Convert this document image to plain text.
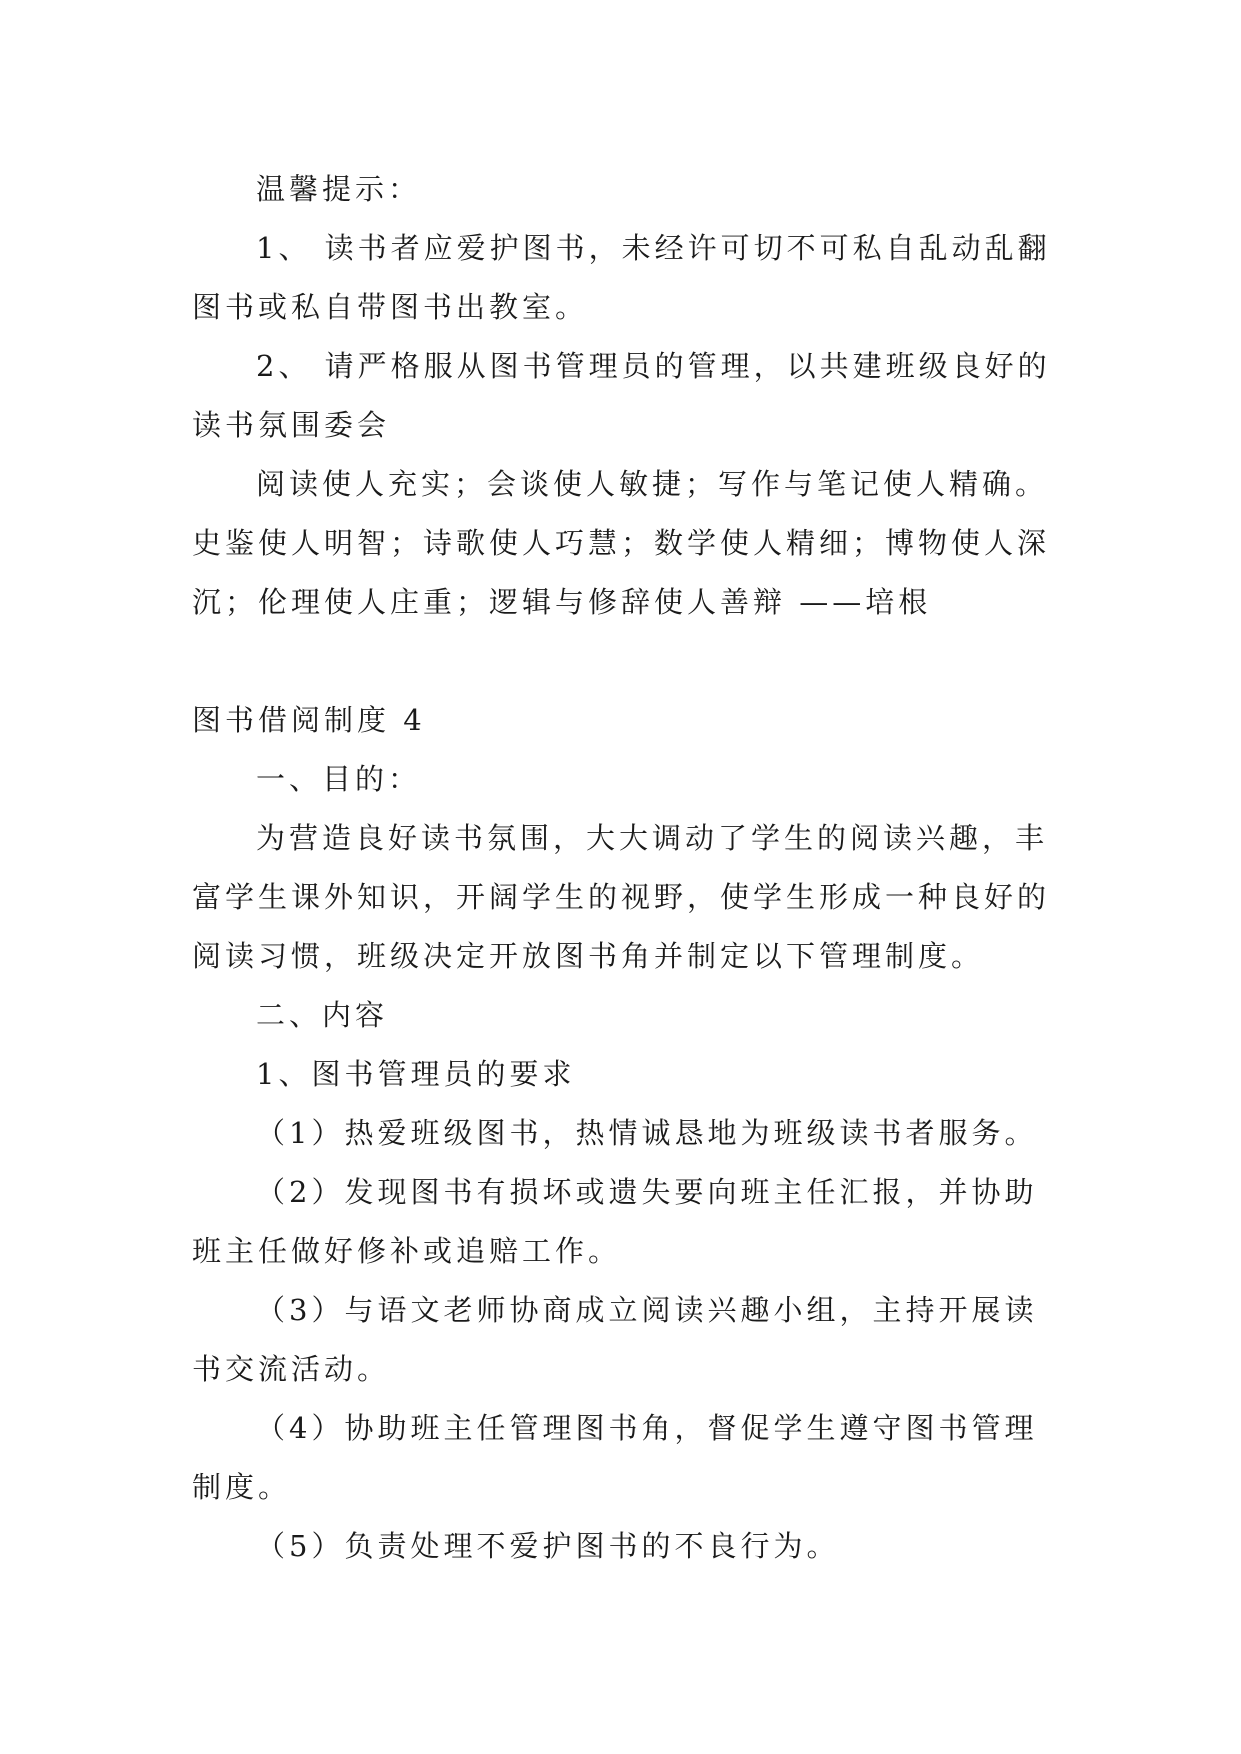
温馨提示：

1、 读书者应爱护图书，未经许可切不可私自乱动乱翻

图书或私自带图书出教室。

2、 请严格服从图书管理员的管理，以共建班级良好的

读书氛围委会

阅读使人充实；会谈使人敏捷；写作与笔记使人精确。

史鉴使人明智；诗歌使人巧慧；数学使人精细；博物使人深

沉；伦理使人庄重；逻辑与修辞使人善辩 ——培根

图书借阅制度 4

一、目的：

为营造良好读书氛围，大大调动了学生的阅读兴趣，丰

富学生课外知识，开阔学生的视野，使学生形成一种良好的

阅读习惯，班级决定开放图书角并制定以下管理制度。

二、内容

1、图书管理员的要求

（1）热爱班级图书，热情诚恳地为班级读书者服务。

（2）发现图书有损坏或遗失要向班主任汇报，并协助

班主任做好修补或追赔工作。

（3）与语文老师协商成立阅读兴趣小组，主持开展读

书交流活动。

（4）协助班主任管理图书角，督促学生遵守图书管理

制度。

（5）负责处理不爱护图书的不良行为。
